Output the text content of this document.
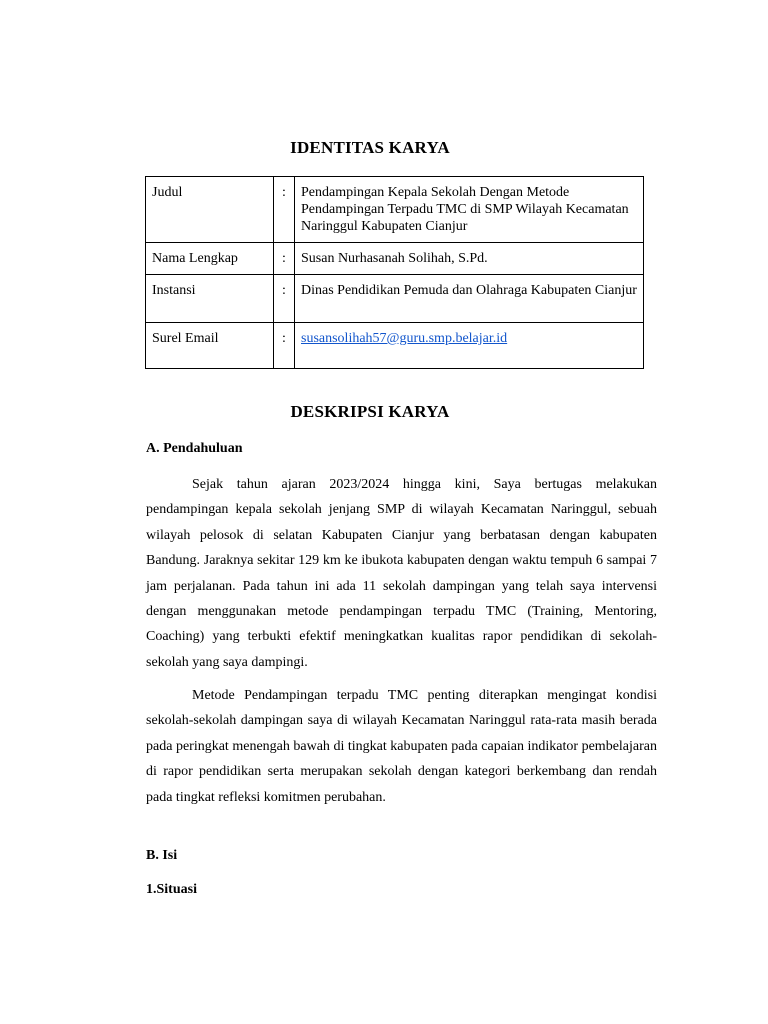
IDENTITAS KARYA
Judul	:	Pendampingan Kepala Sekolah Dengan Metode Pendampingan Terpadu TMC di SMP Wilayah Kecamatan Naringgul Kabupaten Cianjur
Nama Lengkap	:	Susan Nurhasanah Solihah, S.Pd.
Instansi	:	Dinas Pendidikan Pemuda dan Olahraga Kabupaten Cianjur
Surel Email	:	susansolihah57@guru.smp.belajar.id
DESKRIPSI KARYA
A. Pendahuluan

Sejak tahun ajaran 2023/2024 hingga kini, Saya bertugas melakukan pendampingan kepala sekolah jenjang SMP di wilayah Kecamatan Naringgul, sebuah wilayah pelosok di selatan Kabupaten Cianjur yang berbatasan dengan kabupaten Bandung. Jaraknya sekitar 129 km ke ibukota kabupaten dengan waktu tempuh 6 sampai 7 jam perjalanan. Pada tahun ini ada 11 sekolah dampingan yang telah saya intervensi dengan menggunakan metode pendampingan terpadu TMC (Training, Mentoring, Coaching) yang terbukti efektif meningkatkan kualitas rapor pendidikan di sekolah-sekolah yang saya dampingi.

Metode Pendampingan terpadu TMC penting diterapkan mengingat kondisi sekolah-sekolah dampingan saya di wilayah Kecamatan Naringgul rata-rata masih berada pada peringkat menengah bawah di tingkat kabupaten pada capaian indikator pembelajaran di rapor pendidikan serta merupakan sekolah dengan kategori berkembang dan rendah pada tingkat refleksi komitmen perubahan.

B. Isi
1.Situasi
